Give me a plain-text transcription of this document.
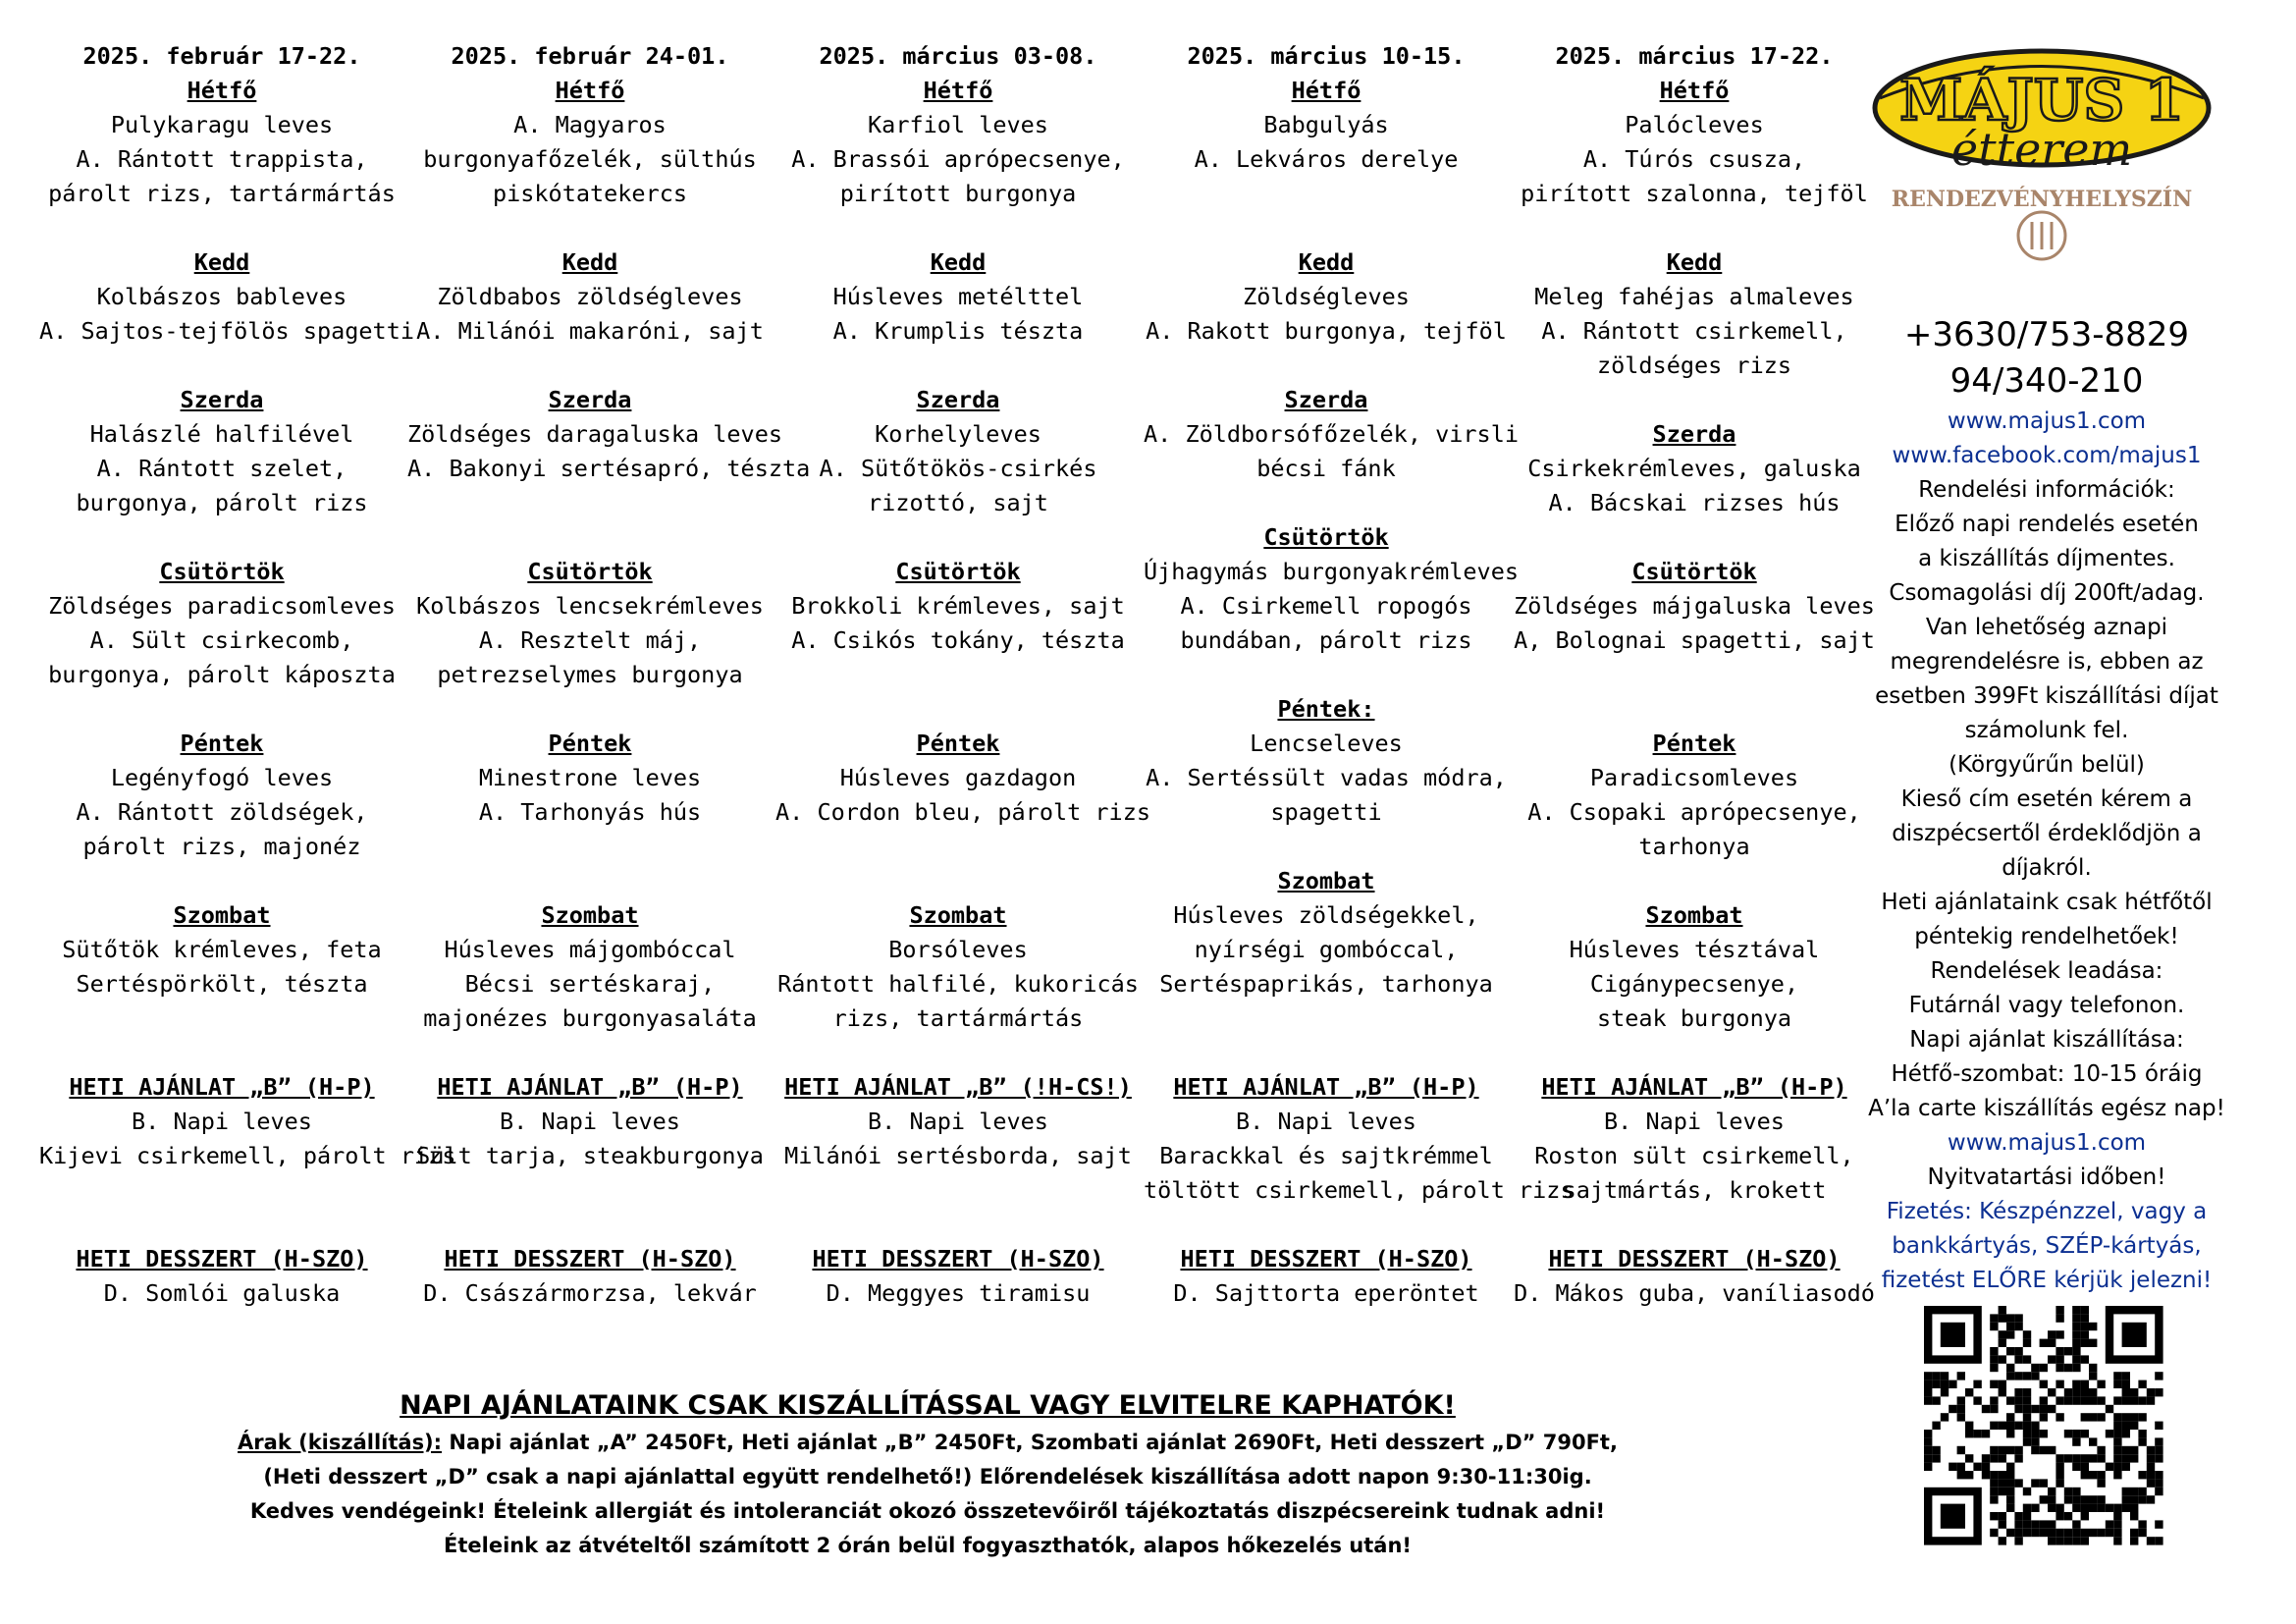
2025. február 17-22.
Hétfő
Pulykaragu leves
A. Rántott trappista,
párolt rizs, tartármártás
Kedd
Kolbászos bableves
A. Sajtos-tejfölös spagetti
Szerda
Halászlé halfilével
A. Rántott szelet,
burgonya, párolt rizs
Csütörtök
Zöldséges paradicsomleves
A. Sült csirkecomb,
burgonya, párolt káposzta
Péntek
Legényfogó leves
A. Rántott zöldségek,
párolt rizs, majonéz
Szombat
Sütőtök krémleves, feta
Sertéspörkölt, tészta
2025. február 24-01.
Hétfő
A. Magyaros
burgonyafőzelék, sülthús
piskótatekercs
Kedd
Zöldbabos zöldségleves
A. Milánói makaróni, sajt
Szerda
Zöldséges daragaluska leves
A. Bakonyi sertésapró, tészta

Csütörtök
Kolbászos lencsekrémleves
A. Resztelt máj,
petrezselymes burgonya
Péntek
Minestrone leves
A. Tarhonyás hús

Szombat
Húsleves májgombóccal
Bécsi sertéskaraj,
majonézes burgonyasaláta
2025. március 03-08.
Hétfő
Karfiol leves
A. Brassói aprópecsenye,
pirított burgonya
Kedd
Húsleves metélttel
A. Krumplis tészta
Szerda
Korhelyleves
A. Sütőtökös-csirkés
rizottó, sajt
Csütörtök
Brokkoli krémleves, sajt
A. Csikós tokány, tészta

Péntek
Húsleves gazdagon
A. Cordon bleu, párolt rizs

Szombat
Borsóleves
Rántott halfilé, kukoricás
rizs, tartármártás
2025. március 10-15.
Hétfő
Babgulyás
A. Lekváros derelye

Kedd
Zöldségleves
A. Rakott burgonya, tejföl
Szerda
A. Zöldborsófőzelék, virsli
bécsi fánk
Csütörtök
Újhagymás burgonyakrémleves
A. Csirkemell ropogós
bundában, párolt rizs
Péntek:
Lencseleves
A. Sertéssült vadas módra,
spagetti
Szombat
Húsleves zöldségekkel,
nyírségi gombóccal,
Sertéspaprikás, tarhonya
2025. március 17-22.
Hétfő
Palócleves
A. Túrós csusza,
pirított szalonna, tejföl
Kedd
Meleg fahéjas almaleves
A. Rántott csirkemell,
zöldséges rizs
Szerda
Csirkekrémleves, galuska
A. Bácskai rizses hús
Csütörtök
Zöldséges májgaluska leves
A, Bolognai spagetti, sajt

Péntek
Paradicsomleves
A. Csopaki aprópecsenye,
tarhonya
Szombat
Húsleves tésztával
Cigánypecsenye,
steak burgonya
HETI AJÁNLAT „B” (H-P)
B. Napi leves
Kijevi csirkemell, párolt rizs
HETI DESSZERT (H-SZO)
D. Somlói galuska
HETI AJÁNLAT „B” (H-P)
B. Napi leves
Sült tarja, steakburgonya
HETI DESSZERT (H-SZO)
D. Császármorzsa, lekvár
HETI AJÁNLAT „B” (!H-CS!)
B. Napi leves
Milánói sertésborda, sajt
HETI DESSZERT (H-SZO)
D. Meggyes tiramisu
HETI AJÁNLAT „B” (H-P)
B. Napi leves
Barackkal és sajtkrémmel
töltött csirkemell, párolt rizs
HETI DESSZERT (H-SZO)
D. Sajttorta eperöntet
HETI AJÁNLAT „B” (H-P)
B. Napi leves
Roston sült csirkemell,
sajtmártás, krokett
HETI DESSZERT (H-SZO)
D. Mákos guba, vaníliasodó
MÁJUS 1
étterem
RENDEZVÉNYHELYSZÍN
+3630/753-8829
94/340-210
www.majus1.com
www.facebook.com/majus1
Rendelési információk:
Előző napi rendelés esetén
a kiszállítás díjmentes.
Csomagolási díj 200ft/adag.
Van lehetőség aznapi
megrendelésre is, ebben az
esetben 399Ft kiszállítási díjat
számolunk fel.
(Körgyűrűn belül)
Kieső cím esetén kérem a
diszpécsertől érdeklődjön a
díjakról.
Heti ajánlataink csak hétfőtől
péntekig rendelhetőek!
Rendelések leadása:
Futárnál vagy telefonon.
Napi ajánlat kiszállítása:
Hétfő-szombat: 10-15 óráig
A’la carte kiszállítás egész nap!
www.majus1.com
Nyitvatartási időben!
Fizetés: Készpénzzel, vagy a
bankkártyás, SZÉP-kártyás,
fizetést ELŐRE kérjük jelezni!
NAPI AJÁNLATAINK CSAK KISZÁLLÍTÁSSAL VAGY ELVITELRE KAPHATÓK!
Árak (kiszállítás): Napi ajánlat „A” 2450Ft, Heti ajánlat „B” 2450Ft, Szombati ajánlat 2690Ft, Heti desszert „D” 790Ft,
(Heti desszert „D” csak a napi ajánlattal együtt rendelhető!) Előrendelések kiszállítása adott napon 9:30-11:30ig.
Kedves vendégeink! Ételeink allergiát és intoleranciát okozó összetevőiről tájékoztatás diszpécsereink tudnak adni!
Ételeink az átvételtől számított 2 órán belül fogyaszthatók, alapos hőkezelés után!
